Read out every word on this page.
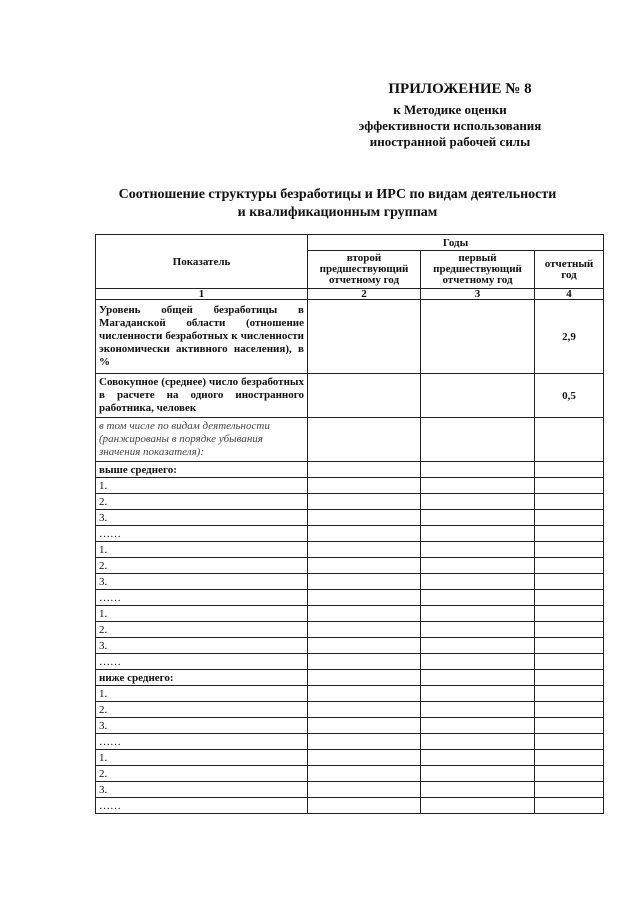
ПРИЛОЖЕНИЕ № 8
к Методике оценки
эффективности использования
иностранной рабочей силы
Соотношение структуры безработицы и ИРС по видам деятельности
и квалификационным группам
Показатель	Годы		
	второй предшествующий отчетному год	первый предшествующий отчетному год	отчетный год
1	2	3	4
Уровень общей безработицы в Магаданской области (отношение численности безработных к численности экономически активного населения), в %			2,9
Совокупное (среднее) число безработных в расчете на одного иностранного работника, человек			0,5
в том числе по видам деятельности (ранжированы в порядке убывания значения показателя):			
выше среднего:			
1.			
2.			
3.			
……			
1.			
2.			
3.			
……			
1.			
2.			
3.			
……			
ниже среднего:			
1.			
2.			
3.			
……			
1.			
2.			
3.			
……			
